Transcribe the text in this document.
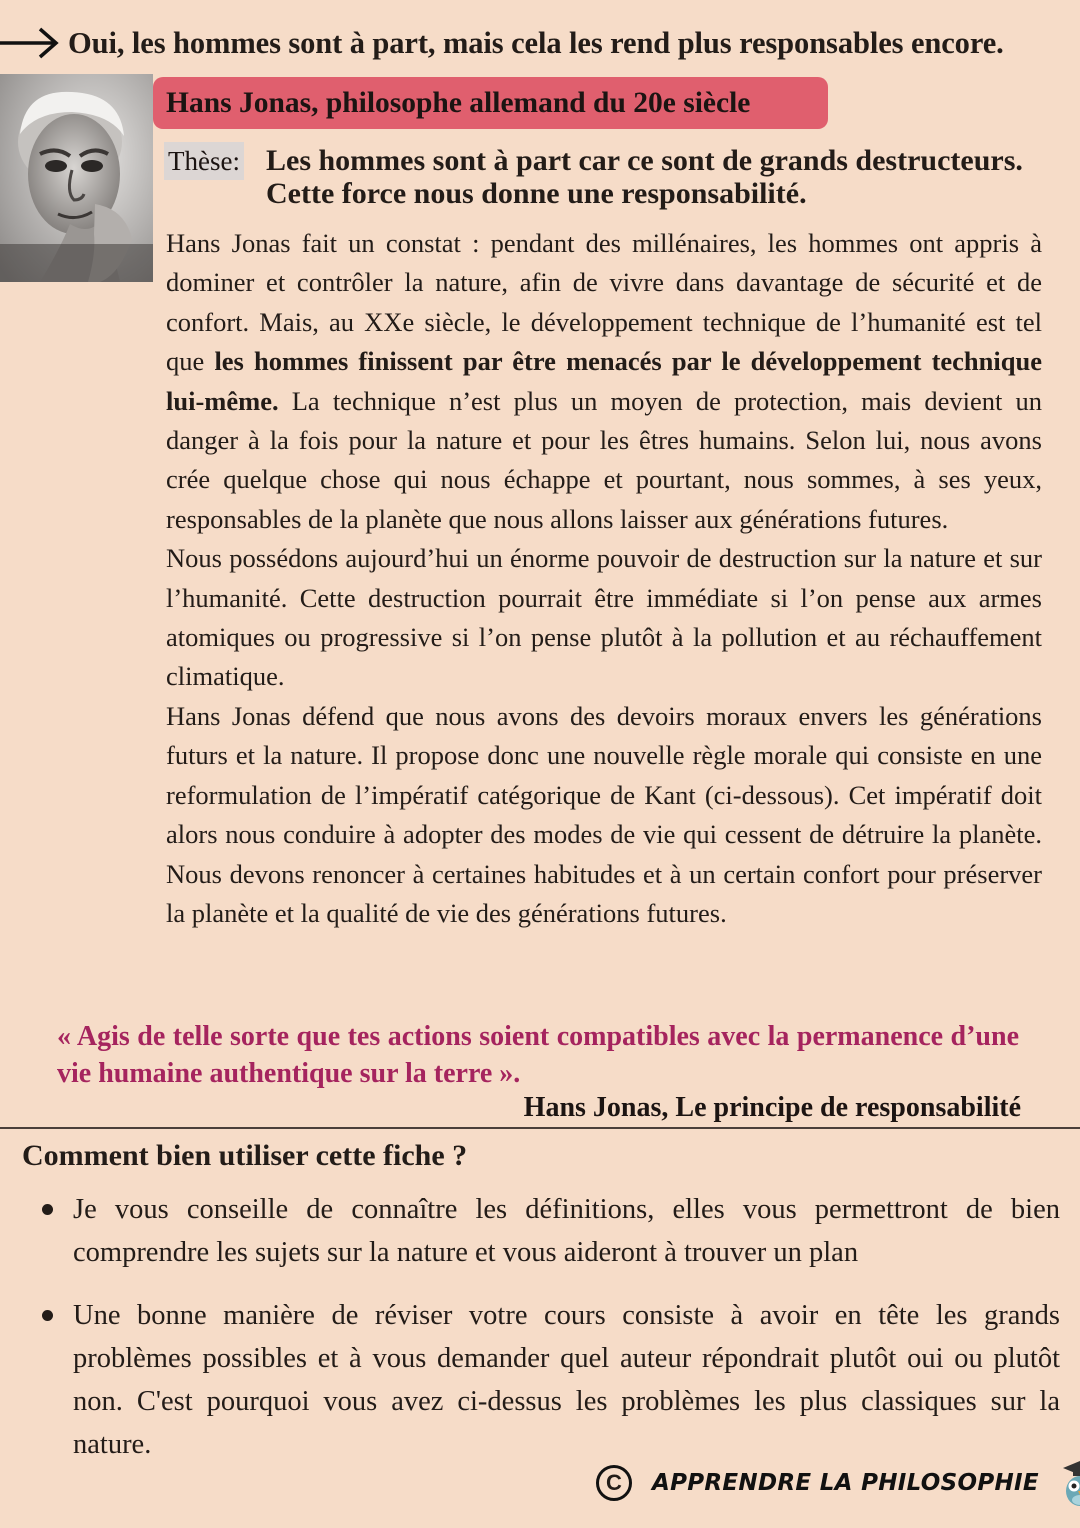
Oui, les hommes sont à part, mais cela les rend plus responsables encore.
Hans Jonas, philosophe allemand du 20e siècle
Thèse: Les hommes sont à part car ce sont de grands destructeurs. Cette force nous donne une responsabilité.

Hans Jonas fait un constat : pendant des millénaires, les hommes ont appris à dominer et contrôler la nature, afin de vivre dans davantage de sécurité et de confort. Mais, au XXe siècle, le développement technique de l’humanité est tel que les hommes finissent par être menacés par le développement technique lui-même. La technique n’est plus un moyen de protection, mais devient un danger à la fois pour la nature et pour les êtres humains. Selon lui, nous avons crée quelque chose qui nous échappe et pourtant, nous sommes, à ses yeux, responsables de la planète que nous allons laisser aux générations futures.

Nous possédons aujourd’hui un énorme pouvoir de destruction sur la nature et sur l’humanité. Cette destruction pourrait être immédiate si l’on pense aux armes atomiques ou progressive si l’on pense plutôt à la pollution et au réchauffement climatique.

Hans Jonas défend que nous avons des devoirs moraux envers les générations futurs et la nature. Il propose donc une nouvelle règle morale qui consiste en une reformulation de l’impératif catégorique de Kant (ci-dessous). Cet impératif doit alors nous conduire à adopter des modes de vie qui cessent de détruire la planète. Nous devons renoncer à certaines habitudes et à un certain confort pour préserver la planète et la qualité de vie des générations futures.

« Agis de telle sorte que tes actions soient compatibles avec la permanence d’une vie humaine authentique sur la terre ».
Hans Jonas, Le principe de responsabilité
Comment bien utiliser cette fiche ?
Je vous conseille de connaître les définitions, elles vous permettront de bien comprendre les sujets sur la nature et vous aideront à trouver un plan
Une bonne manière de réviser votre cours consiste à avoir en tête les grands problèmes possibles et à vous demander quel auteur répondrait plutôt oui ou plutôt non. C'est pourquoi vous avez ci-dessus les problèmes les plus classiques sur la nature.
C	APPRENDRE LA PHILOSOPHIE
